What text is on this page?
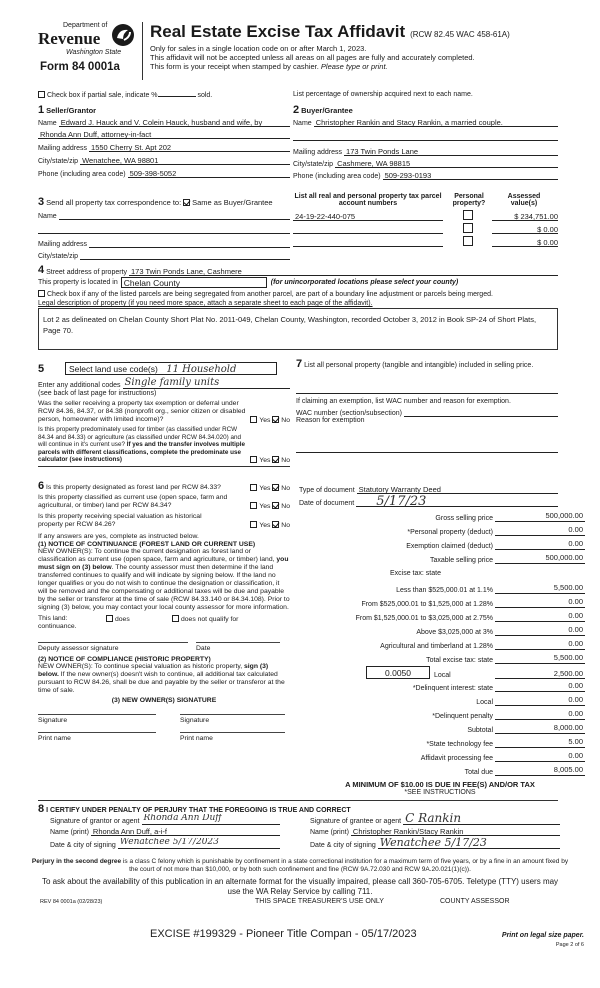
Department of
Revenue
Washington State
Form 84 0001a
Real Estate Excise Tax Affidavit (RCW 82.45 WAC 458-61A)
Only for sales in a single location code on or after March 1, 2023.
This affidavit will not be accepted unless all areas on all pages are fully and accurately completed.
This form is your receipt when stamped by cashier. Please type or print.
Check box if partial sale, indicate %	sold.	List percentage of ownership acquired next to each name.
1 Seller/Grantor
Name Edward J. Hauck and V. Colein Hauck, husband and wife, by
Rhonda Ann Duff, attorney-in-fact
Mailing address 1550 Cherry St. Apt 202
City/state/zip Wenatchee, WA 98801
Phone (including area code) 509-398-5052
2 Buyer/Grantee
Name Christopher Rankin and Stacy Rankin, a married couple.
Mailing address 173 Twin Ponds Lane
City/state/zip Cashmere, WA 98815
Phone (including area code) 509-293-0193
3 Send all property tax correspondence to: Same as Buyer/Grantee
Name
Mailing address
City/state/zip
List all real and personal property tax parcel account numbers
Personal property?
Assessed value(s)
24-19-22-440-075	$ 234,751.00
$ 0.00
$ 0.00
4
Street address of property 173 Twin Ponds Lane, Cashmere
This property is located in Chelan County	(for unincorporated locations please select your county)
Check box if any of the listed parcels are being segregated from another parcel, are part of a boundary line adjustment or parcels being merged.
Legal description of property (if you need more space, attach a separate sheet to each page of the affidavit).
Lot 2 as delineated on Chelan County Short Plat No. 2011-049, Chelan County, Washington, recorded October 3, 2012 in Book SP-24 of Short Plats, Page 70.
5	Select land use code(s) 11 Household
Enter any additional codes Single family units
(see back of last page for instructions)
Was the seller receiving a property tax exemption or deferral under RCW 84.36, 84.37, or 84.38 (nonprofit org., senior citizen or disabled person, homeowner with limited income)?	Yes No
Is this property predominately used for timber (as classified under RCW 84.34 and 84.33) or agriculture (as classified under RCW 84.34.020) and will continue in it's current use? If yes and the transfer involves multiple parcels with different classifications, complete the predominate use calculator (see instructions)	Yes No
6 Is this property designated as forest land per RCW 84.33?	Yes No
Is this property classified as current use (open space, farm and agricultural, or timber) land per RCW 84.34?	Yes No
Is this property receiving special valuation as historical property per RCW 84.26?	Yes No
If any answers are yes, complete as instructed below.
(1) NOTICE OF CONTINUANCE (FOREST LAND OR CURRENT USE)
NEW OWNER(S): To continue the current designation as forest land or classification as current use (open space, farm and agriculture, or timber) land, you must sign on (3) below. The county assessor must then determine if the land transferred continues to qualify and will indicate by signing below. If the land no longer qualifies or you do not wish to continue the designation or classification, it will be removed and the compensating or additional taxes will be due and payable by the seller or transferor at the time of sale (RCW 84.33.140 or 84.34.108). Prior to signing (3) below, you may contact your local county assessor for more information.
This land:	does	does not qualify for
continuance.
Deputy assessor signature	Date
(2) NOTICE OF COMPLIANCE (HISTORIC PROPERTY)
NEW OWNER(S): To continue special valuation as historic property, sign (3) below. If the new owner(s) doesn't wish to continue, all additional tax calculated pursuant to RCW 84.26, shall be due and payable by the seller or transferor at the time of sale.
(3) NEW OWNER(S) SIGNATURE
Signature	Signature
Print name	Print name
7 List all personal property (tangible and intangible) included in selling price.
If claiming an exemption, list WAC number and reason for exemption.
WAC number (section/subsection)
Reason for exemption
Type of document Statutory Warranty Deed
Date of document	5/17/23
Gross selling price	500,000.00
*Personal property (deduct)	0.00
Exemption claimed (deduct)	0.00
Taxable selling price	500,000.00
Excise tax: state
Less than $525,000.01 at 1.1%	5,500.00
From $525,000.01 to $1,525,000 at 1.28%	0.00
From $1,525,000.01 to $3,025,000 at 2.75%	0.00
Above $3,025,000 at 3%	0.00
Agricultural and timberland at 1.28%	0.00
Total excise tax: state	5,500.00
0.0050	Local	2,500.00
*Delinquent interest: state	0.00
Local	0.00
*Delinquent penalty	0.00
Subtotal	8,000.00
*State technology fee	5.00
Affidavit processing fee	0.00
Total due	8,005.00
A MINIMUM OF $10.00 IS DUE IN FEE(S) AND/OR TAX
*SEE INSTRUCTIONS
8 I CERTIFY UNDER PENALTY OF PERJURY THAT THE FOREGOING IS TRUE AND CORRECT
Signature of grantor or agent Rhonda Ann Duff
Name (print) Rhonda Ann Duff, a-i-f
Date & city of signing Wenatchee 5/17/2023
Signature of grantee or agent C Rankin
Name (print) Christopher Rankin/Stacy Rankin
Date & city of signing Wenatchee 5/17/23
Perjury in the second degree is a class C felony which is punishable by confinement in a state correctional institution for a maximum term of five years, or by a fine in an amount fixed by the court of not more than $10,000, or by both such confinement and fine (RCW 9A.72.030 and RCW 9A.20.021(1)(c)).
To ask about the availability of this publication in an alternate format for the visually impaired, please call 360-705-6705. Teletype (TTY) users may use the WA Relay Service by calling 711.
REV 84 0001a (02/28/23)	THIS SPACE TREASURER'S USE ONLY	COUNTY ASSESSOR
EXCISE #199329 - Pioneer Title Compan - 05/17/2023	Print on legal size paper.
Page 2 of 6
